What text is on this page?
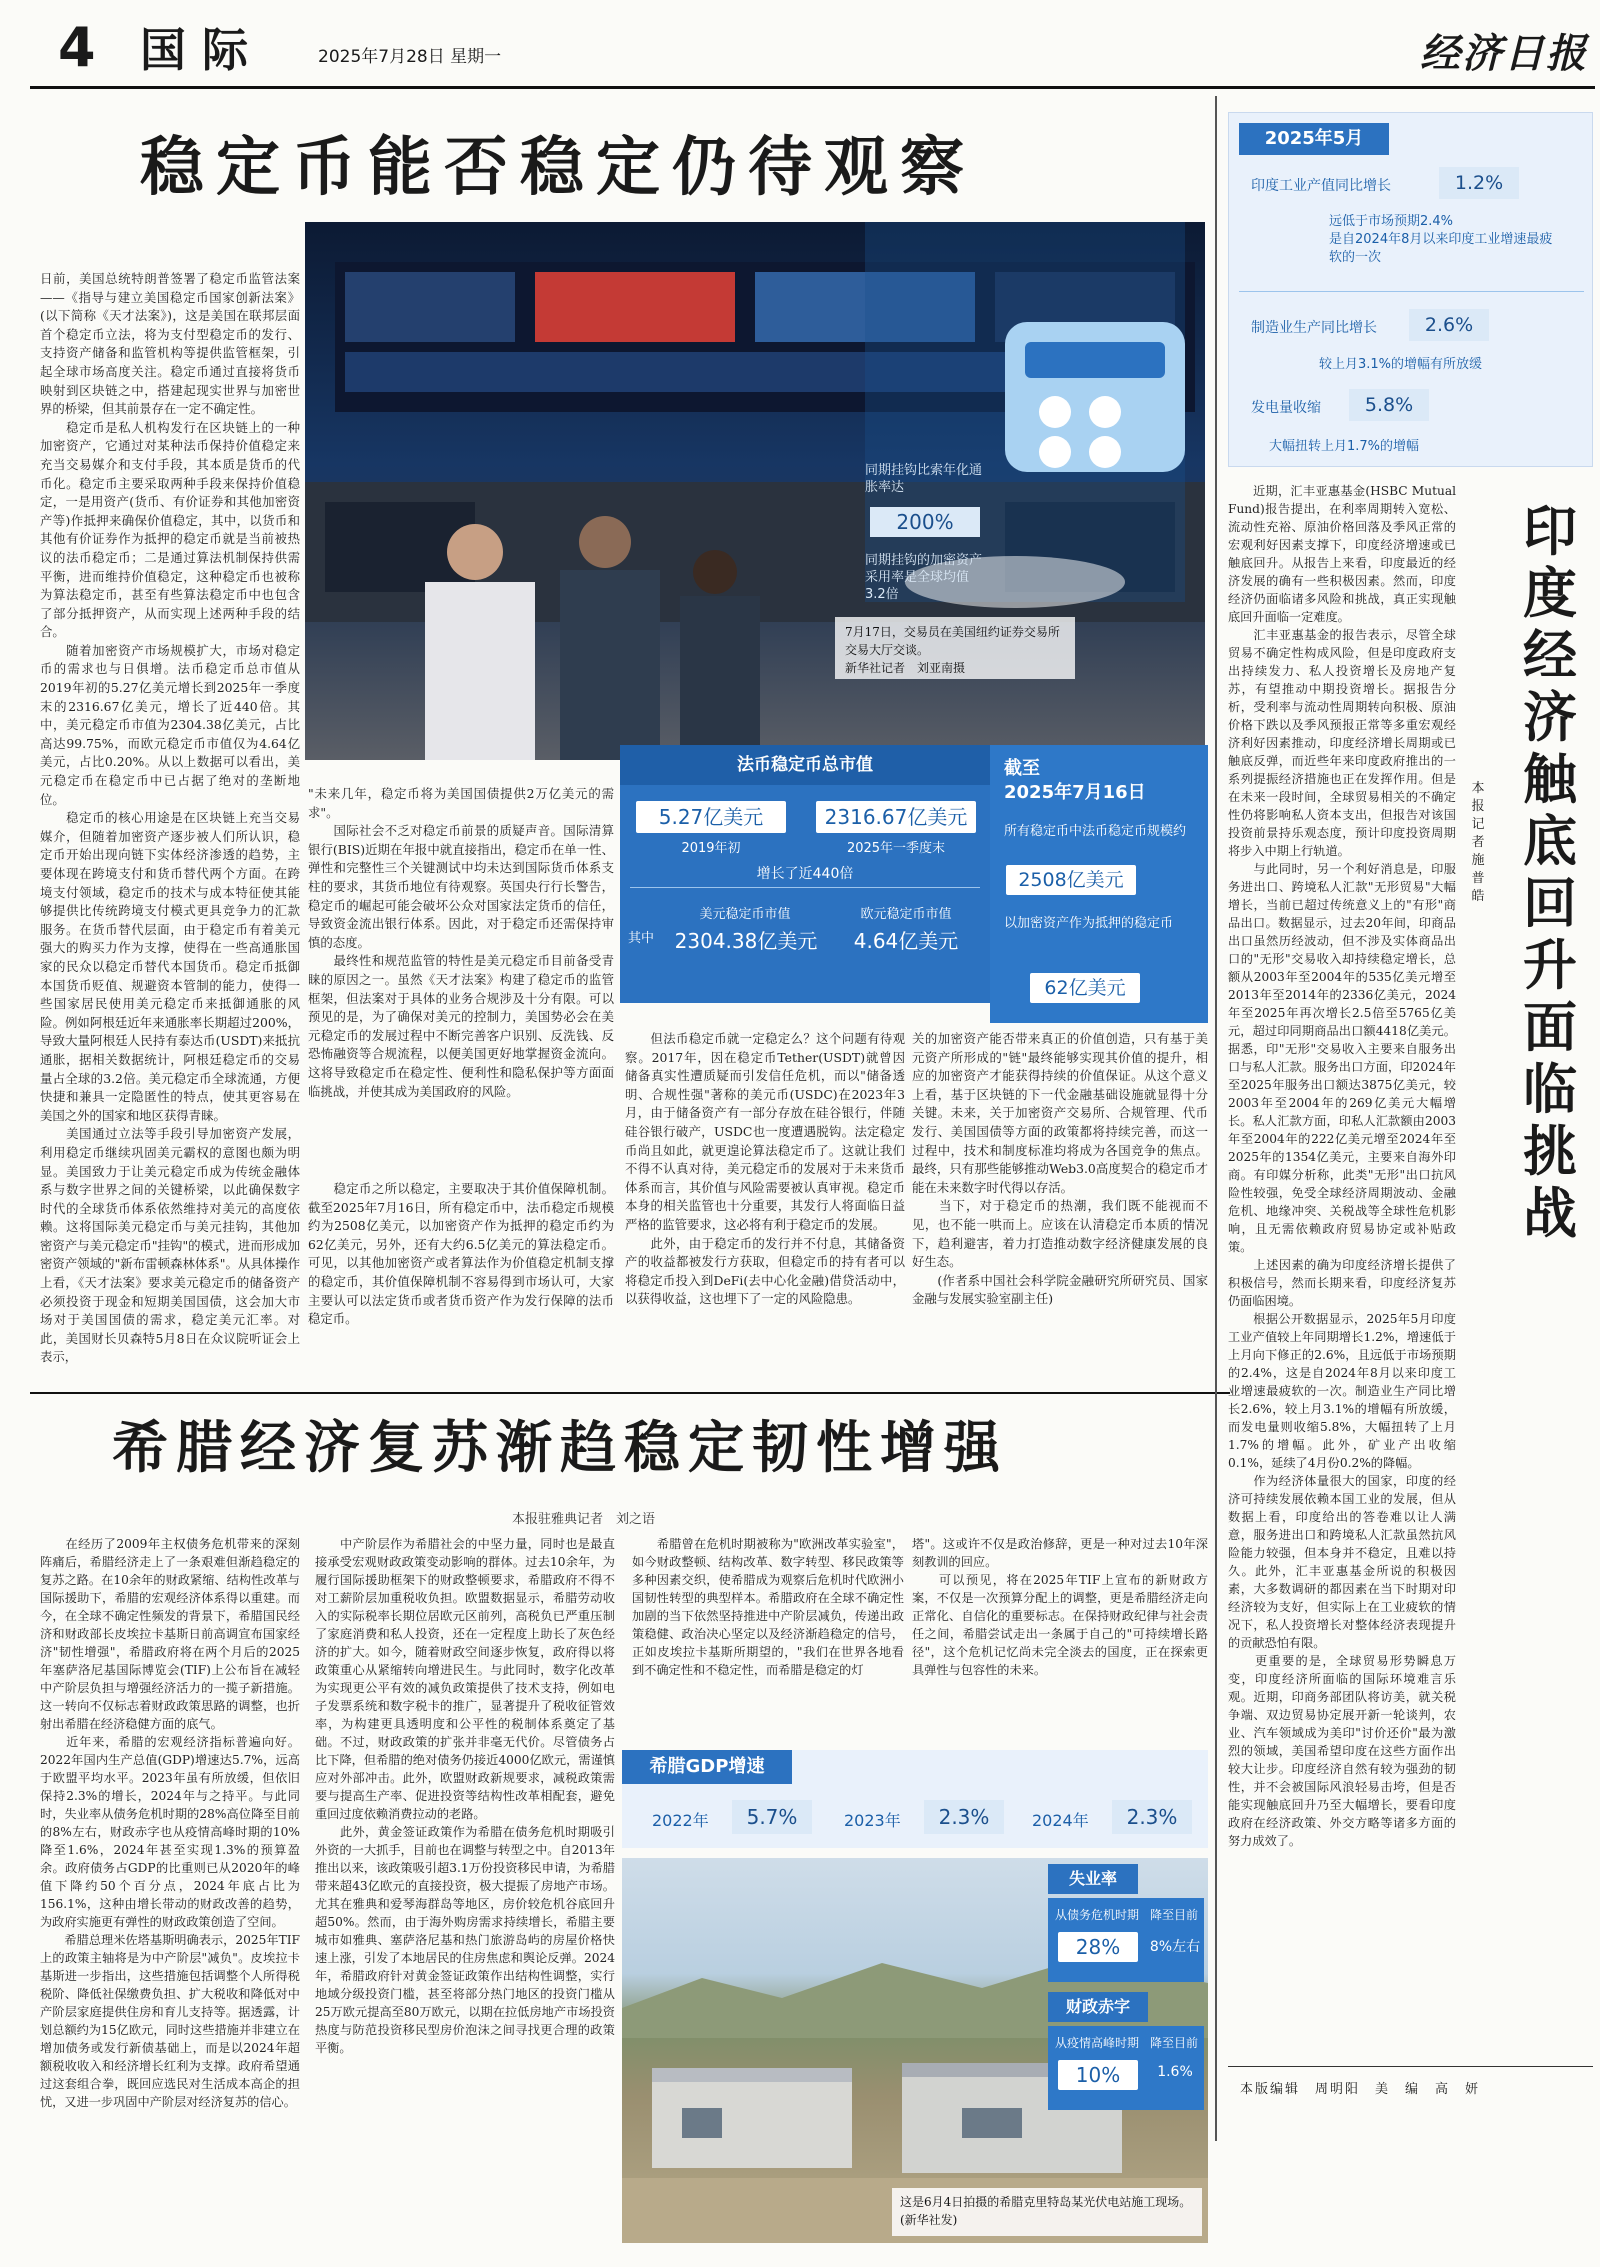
4 国际	2025年7月28日 星期一	经济日报
稳定币能否稳定仍待观察
日前，美国总统特朗普签署了稳定币监管法案——《指导与建立美国稳定币国家创新法案》(以下简称《天才法案》)，这是美国在联邦层面首个稳定币立法，将为支付型稳定币的发行、支持资产储备和监管机构等提供监管框架，引起全球市场高度关注。稳定币通过直接将货币映射到区块链之中，搭建起现实世界与加密世界的桥梁，但其前景存在一定不确定性。
　　稳定币是私人机构发行在区块链上的一种加密资产，它通过对某种法币保持价值稳定来充当交易媒介和支付手段，其本质是货币的代币化。稳定币主要采取两种手段来保持价值稳定，一是用资产(货币、有价证券和其他加密资产等)作抵押来确保价值稳定，其中，以货币和其他有价证券作为抵押的稳定币就是当前被热议的法币稳定币；二是通过算法机制保持供需平衡，进而维持价值稳定，这种稳定币也被称为算法稳定币，甚至有些算法稳定币中也包含了部分抵押资产，从而实现上述两种手段的结合。
　　随着加密资产市场规模扩大，市场对稳定币的需求也与日俱增。法币稳定币总市值从2019年初的5.27亿美元增长到2025年一季度末的2316.67亿美元，增长了近440倍。其中，美元稳定币市值为2304.38亿美元，占比高达99.75%，而欧元稳定币市值仅为4.64亿美元，占比0.20%。从以上数据可以看出，美元稳定币在稳定币中已占据了绝对的垄断地位。
　　稳定币的核心用途是在区块链上充当交易媒介，但随着加密资产逐步被人们所认识，稳定币开始出现向链下实体经济渗透的趋势，主要体现在跨境支付和货币替代两个方面。在跨境支付领域，稳定币的技术与成本特征使其能够提供比传统跨境支付模式更具竞争力的汇款服务。在货币替代层面，由于稳定币有着美元强大的购买力作为支撑，使得在一些高通胀国家的民众以稳定币替代本国货币。稳定币抵御本国货币贬值、规避资本管制的能力，使得一些国家居民使用美元稳定币来抵御通胀的风险。例如阿根廷近年来通胀率长期超过200%，导致大量阿根廷人民持有泰达币(USDT)来抵抗通胀，据相关数据统计，阿根廷稳定币的交易量占全球的3.2倍。美元稳定币全球流通，方便快捷和兼具一定隐匿性的特点，使其更容易在美国之外的国家和地区获得青睐。
　　美国通过立法等手段引导加密资产发展，利用稳定币继续巩固美元霸权的意图也颇为明显。美国致力于让美元稳定币成为传统金融体系与数字世界之间的关键桥梁，以此确保数字时代的全球货币体系依然维持对美元的高度依赖。这将国际美元稳定币与美元挂钩，其他加密资产与美元稳定币"挂钩"的模式，进而形成加密资产领域的"新布雷顿森林体系"。从具体操作上看，《天才法案》要求美元稳定币的储备资产必须投资于现金和短期美国国债，这会加大市场对于美国国债的需求，稳定美元汇率。对此，美国财长贝森特5月8日在众议院听证会上表示，
同期挂钩比索年化通胀率达
200%
同期挂钩的加密资产采用率是全球均值3.2倍
7月17日，交易员在美国纽约证券交易所交易大厅交谈。
新华社记者　刘亚南摄
法币稳定币总市值
5.27亿美元
2019年初
2316.67亿美元
2025年一季度末
增长了近440倍
其中
美元稳定币市值
2304.38亿美元
欧元稳定币市值
4.64亿美元
截至
2025年7月16日
所有稳定币中法币稳定币规模约
2508亿美元
以加密资产作为抵押的稳定币
62亿美元
"未来几年，稳定币将为美国国债提供2万亿美元的需求"。
　　国际社会不乏对稳定币前景的质疑声音。国际清算银行(BIS)近期在年报中就直接指出，稳定币在单一性、弹性和完整性三个关键测试中均未达到国际货币体系支柱的要求，其货币地位有待观察。英国央行行长警告，稳定币的崛起可能会破坏公众对国家法定货币的信任，导致资金流出银行体系。因此，对于稳定币还需保持审慎的态度。
　　最终性和规范监管的特性是美元稳定币目前备受青睐的原因之一。虽然《天才法案》构建了稳定币的监管框架，但法案对于具体的业务合规涉及十分有限。可以预见的是，为了确保对美元的控制力，美国势必会在美元稳定币的发展过程中不断完善客户识别、反洗钱、反恐怖融资等合规流程，以便美国更好地掌握资金流向。这将导致稳定币在稳定性、便利性和隐私保护等方面面临挑战，并使其成为美国政府的风险。
　　稳定币之所以稳定，主要取决于其价值保障机制。截至2025年7月16日，所有稳定币中，法币稳定币规模约为2508亿美元，以加密资产作为抵押的稳定币约为62亿美元，另外，还有大约6.5亿美元的算法稳定币。可见，以其他加密资产或者算法作为价值稳定机制支撑的稳定币，其价值保障机制不容易得到市场认可，大家主要认可以法定货币或者货币资产作为发行保障的法币稳定币。
　　但法币稳定币就一定稳定么？这个问题有待观察。2017年，因在稳定币Tether(USDT)就曾因储备真实性遭质疑而引发信任危机，而以"储备透明、合规性强"著称的美元币(USDC)在2023年3月，由于储备资产有一部分存放在硅谷银行，伴随硅谷银行破产，USDC也一度遭遇脱钩。法定稳定币尚且如此，就更遑论算法稳定币了。这就让我们不得不认真对待，美元稳定币的发展对于未来货币体系而言，其价值与风险需要被认真审视。稳定币本身的相关监管也十分重要，其发行人将面临日益严格的监管要求，这必将有利于稳定币的发展。
　　此外，由于稳定币的发行并不付息，其储备资产的收益都被发行方获取，但稳定币的持有者可以将稳定币投入到DeFi(去中心化金融)借贷活动中，以获得收益，这也埋下了一定的风险隐患。
关的加密资产能否带来真正的价值创造，只有基于美元资产所形成的"链"最终能够实现其价值的提升，相应的加密资产才能获得持续的价值保证。从这个意义上看，基于区块链的下一代金融基础设施就显得十分关键。未来，关于加密资产交易所、合规管理、代币发行、美国国债等方面的政策都将持续完善，而这一过程中，技术和制度标准均将成为各国竞争的焦点。最终，只有那些能够推动Web3.0高度契合的稳定币才能在未来数字时代得以存活。
　　当下，对于稳定币的热潮，我们既不能视而不见，也不能一哄而上。应该在认清稳定币本质的情况下，趋利避害，着力打造推动数字经济健康发展的良好生态。
　　(作者系中国社会科学院金融研究所研究员、国家金融与发展实验室副主任)
2025年5月
印度工业产值同比增长	1.2%
远低于市场预期2.4%
是自2024年8月以来印度工业增速最疲软的一次
制造业生产同比增长	2.6%
较上月3.1%的增幅有所放缓
发电量收缩	5.8%
大幅扭转上月1.7%的增幅
印度经济触底回升面临挑战
本报记者　施普皓
　　近期，汇丰亚惠基金(HSBC Mutual Fund)报告提出，在利率周期转入宽松、流动性充裕、原油价格回落及季风正常的宏观利好因素支撑下，印度经济增速或已触底回升。从报告上来看，印度最近的经济发展的确有一些积极因素。然而，印度经济仍面临诸多风险和挑战，真正实现触底回升面临一定难度。
　　汇丰亚惠基金的报告表示，尽管全球贸易不确定性构成风险，但是印度政府支出持续发力、私人投资增长及房地产复苏，有望推动中期投资增长。据报告分析，受利率与流动性周期转向积极、原油价格下跌以及季风预报正常等多重宏观经济利好因素推动，印度经济增长周期或已触底反弹，而近些年来印度政府推出的一系列提振经济措施也正在发挥作用。但是在未来一段时间，全球贸易相关的不确定性仍将影响私人资本支出，但报告对该国投资前景持乐观态度，预计印度投资周期将步入中期上行轨道。
　　与此同时，另一个利好消息是，印服务进出口、跨境私人汇款"无形贸易"大幅增长，当前已超过传统意义上的"有形"商品出口。数据显示，过去20年间，印商品出口虽然历经波动，但不涉及实体商品出口的"无形"交易收入却持续稳定增长，总额从2003年至2004年的535亿美元增至2013年至2014年的2336亿美元，2024年至2025年再次增长2.5倍至5765亿美元，超过印同期商品出口额4418亿美元。据悉，印"无形"交易收入主要来自服务出口与私人汇款。服务出口方面，印2024年至2025年服务出口额达3875亿美元，较2003年至2004年的269亿美元大幅增长。私人汇款方面，印私人汇款额由2003年至2004年的222亿美元增至2024年至2025年的1354亿美元，主要来自海外印商。有印媒分析称，此类"无形"出口抗风险性较强，免受全球经济周期波动、金融危机、地缘冲突、关税战等全球性危机影响，且无需依赖政府贸易协定或补贴政策。
　　上述因素的确为印度经济增长提供了积极信号，然而长期来看，印度经济复苏仍面临困境。
　　根据公开数据显示，2025年5月印度工业产值较上年同期增长1.2%，增速低于上月向下修正的2.6%，且远低于市场预期的2.4%，这是自2024年8月以来印度工业增速最疲软的一次。制造业生产同比增长2.6%，较上月3.1%的增幅有所放缓，而发电量则收缩5.8%，大幅扭转了上月1.7%的增幅。此外，矿业产出收缩0.1%，延续了4月份0.2%的降幅。
　　作为经济体量很大的国家，印度的经济可持续发展依赖本国工业的发展，但从数据上看，印度给出的答卷难以让人满意，服务进出口和跨境私人汇款虽然抗风险能力较强，但本身并不稳定，且难以持久。此外，汇丰亚惠基金所说的积极因素，大多数调研的都因素在当下时期对印经济较为支好，但实际上在工业疲软的情况下，私人投资增长对整体经济表现提升的贡献恐怕有限。
　　更重要的是，全球贸易形势瞬息万变，印度经济所面临的国际环境难言乐观。近期，印商务部团队将访美，就关税争端、双边贸易协定展开新一轮谈判，农业、汽车领域成为美印"讨价还价"最为激烈的领域，美国希望印度在这些方面作出较大让步。印度经济自然有较为强劲的韧性，并不会被国际风浪轻易击垮，但是否能实现触底回升乃至大幅增长，要看印度政府在经济政策、外交方略等诸多方面的努力成效了。
本版编辑　周明阳　美　编　高　妍
希腊经济复苏渐趋稳定韧性增强
本报驻雅典记者　刘之语
　　在经历了2009年主权债务危机带来的深刻阵痛后，希腊经济走上了一条艰难但渐趋稳定的复苏之路。在10余年的财政紧缩、结构性改革与国际援助下，希腊的宏观经济体系得以重建。而今，在全球不确定性频发的背景下，希腊国民经济和财政部长皮埃拉卡基斯日前高调宣布国家经济"韧性增强"，希腊政府将在两个月后的2025年塞萨洛尼基国际博览会(TIF)上公布旨在减轻中产阶层负担与增强经济活力的一揽子新措施。这一转向不仅标志着财政政策思路的调整，也折射出希腊在经济稳健方面的底气。
　　近年来，希腊的宏观经济指标普遍向好。2022年国内生产总值(GDP)增速达5.7%，远高于欧盟平均水平。2023年虽有所放缓，但依旧保持2.3%的增长，2024年与之持平。与此同时，失业率从债务危机时期的28%高位降至目前的8%左右，财政赤字也从疫情高峰时期的10%降至1.6%，2024年甚至实现1.3%的预算盈余。政府债务占GDP的比重则已从2020年的峰值下降约50个百分点，2024年底占比为156.1%，这种由增长带动的财政改善的趋势，为政府实施更有弹性的财政政策创造了空间。
　　希腊总理米佐塔基斯明确表示，2025年TIF上的政策主轴将是为中产阶层"减负"。皮埃拉卡基斯进一步指出，这些措施包括调整个人所得税税阶、降低社保缴费负担、扩大税收和降低对中产阶层家庭提供住房和育儿支持等。据透露，计划总额约为15亿欧元，同时这些措施并非建立在增加债务或发行新债基础上，而是以2024年超额税收收入和经济增长红利为支撑。政府希望通过这套组合拳，既回应选民对生活成本高企的担忧，又进一步巩固中产阶层对经济复苏的信心。
　　中产阶层作为希腊社会的中坚力量，同时也是最直接承受宏观财政政策变动影响的群体。过去10余年，为履行国际援助框架下的财政整顿要求，希腊政府不得不对工薪阶层加重税收负担。欧盟数据显示，希腊劳动收入的实际税率长期位居欧元区前列，高税负已严重压制了家庭消费和私人投资，还在一定程度上助长了灰色经济的扩大。如今，随着财政空间逐步恢复，政府得以将政策重心从紧缩转向增进民生。与此同时，数字化改革为实现更公平有效的减负政策提供了技术支持，例如电子发票系统和数字税卡的推广，显著提升了税收征管效率，为构建更具透明度和公平性的税制体系奠定了基础。不过，财政政策的扩张并非毫无代价。尽管债务占比下降，但希腊的绝对债务仍接近4000亿欧元，需谨慎应对外部冲击。此外，欧盟财政新规要求，减税政策需要与提高生产率、促进投资等结构性改革相配套，避免重回过度依赖消费拉动的老路。
　　此外，黄金签证政策作为希腊在债务危机时期吸引外资的一大抓手，目前也在调整与转型之中。自2013年推出以来，该政策吸引超3.1万份投资移民申请，为希腊带来超43亿欧元的直接投资，极大提振了房地产市场。尤其在雅典和爱琴海群岛等地区，房价较危机谷底回升超50%。然而，由于海外购房需求持续增长，希腊主要城市如雅典、塞萨洛尼基和热门旅游岛屿的房屋价格快速上涨，引发了本地居民的住房焦虑和舆论反弹。2024年，希腊政府针对黄金签证政策作出结构性调整，实行地域分级投资门槛，甚至将部分热门地区的投资门槛从25万欧元提高至80万欧元，以期在拉低房地产市场投资热度与防范投资移民型房价泡沫之间寻找更合理的政策平衡。
　　希腊曾在危机时期被称为"欧洲改革实验室"，如今财政整顿、结构改革、数字转型、移民政策等多种因素交织，使希腊成为观察后危机时代欧洲小国韧性转型的典型样本。希腊政府在全球不确定性加剧的当下依然坚持推进中产阶层减负，传递出政策稳健、政治决心坚定以及经济渐趋稳定的信号，正如皮埃拉卡基斯所期望的，"我们在世界各地看到不确定性和不稳定性，而希腊是稳定的灯
塔"。这或许不仅是政治修辞，更是一种对过去10年深刻教训的回应。
　　可以预见，将在2025年TIF上宣布的新财政方案，不仅是一次预算分配上的调整，更是希腊经济走向正常化、自信化的重要标志。在保持财政纪律与社会责任之间，希腊尝试走出一条属于自己的"可持续增长路径"，这个危机记忆尚未完全淡去的国度，正在探索更具弹性与包容性的未来。
希腊GDP增速
2022年	5.7%	2023年	2.3%	2024年	2.3%
失业率
从债务危机时期
28%
降至目前
8%左右
财政赤字
从疫情高峰时期
10%
降至目前
1.6%
这是6月4日拍摄的希腊克里特岛某光伏电站施工现场。　　(新华社发)
